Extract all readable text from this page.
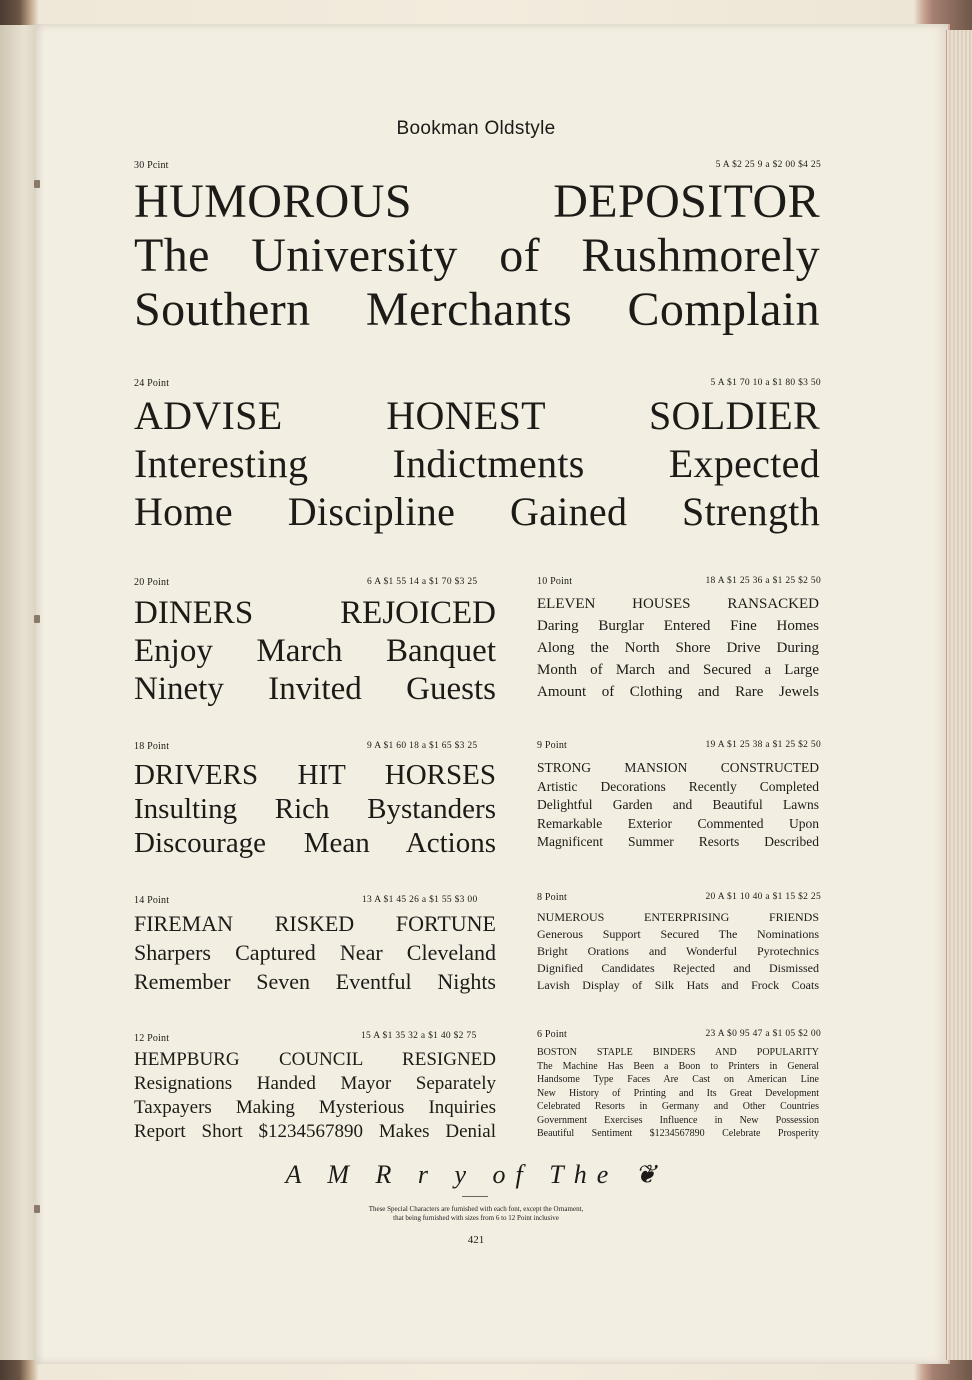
Bookman Oldstyle
30 Pcint	5 A $2 25 9 a $2 00 $4 25
HUMOROUS DEPOSITOR
The University of Rushmorely
Southern Merchants Complain
24 Point	5 A $1 70 10 a $1 80 $3 50
ADVISE HONEST SOLDIER
Interesting Indictments Expected
Home Discipline Gained Strength
20 Point	6 A $1 55 14 a $1 70 $3 25
DINERS REJOICED
Enjoy March Banquet
Ninety Invited Guests
10 Point	18 A $1 25 36 a $1 25 $2 50
ELEVEN HOUSES RANSACKED
Daring Burglar Entered Fine Homes
Along the North Shore Drive During
Month of March and Secured a Large
Amount of Clothing and Rare Jewels
18 Point	9 A $1 60 18 a $1 65 $3 25
DRIVERS HIT HORSES
Insulting Rich Bystanders
Discourage Mean Actions
9 Point	19 A $1 25 38 a $1 25 $2 50
STRONG MANSION CONSTRUCTED
Artistic Decorations Recently Completed
Delightful Garden and Beautiful Lawns
Remarkable Exterior Commented Upon
Magnificent Summer Resorts Described
14 Point	13 A $1 45 26 a $1 55 $3 00
FIREMAN RISKED FORTUNE
Sharpers Captured Near Cleveland
Remember Seven Eventful Nights
8 Point	20 A $1 10 40 a $1 15 $2 25
NUMEROUS ENTERPRISING FRIENDS
Generous Support Secured The Nominations
Bright Orations and Wonderful Pyrotechnics
Dignified Candidates Rejected and Dismissed
Lavish Display of Silk Hats and Frock Coats
12 Point	15 A $1 35 32 a $1 40 $2 75
HEMPBURG COUNCIL RESIGNED
Resignations Handed Mayor Separately
Taxpayers Making Mysterious Inquiries
Report Short $1234567890 Makes Denial
6 Point	23 A $0 95 47 a $1 05 $2 00
BOSTON STAPLE BINDERS AND POPULARITY
The Machine Has Been a Boon to Printers in General
Handsome Type Faces Are Cast on American Line
New History of Printing and Its Great Development
Celebrated Resorts in Germany and Other Countries
Government Exercises Influence in New Possession
Beautiful Sentiment $1234567890 Celebrate Prosperity
A M R r y of The ❦
These Special Characters are furnished with each font, except the Ornament,
that being furnished with sizes from 6 to 12 Point inclusive
421
